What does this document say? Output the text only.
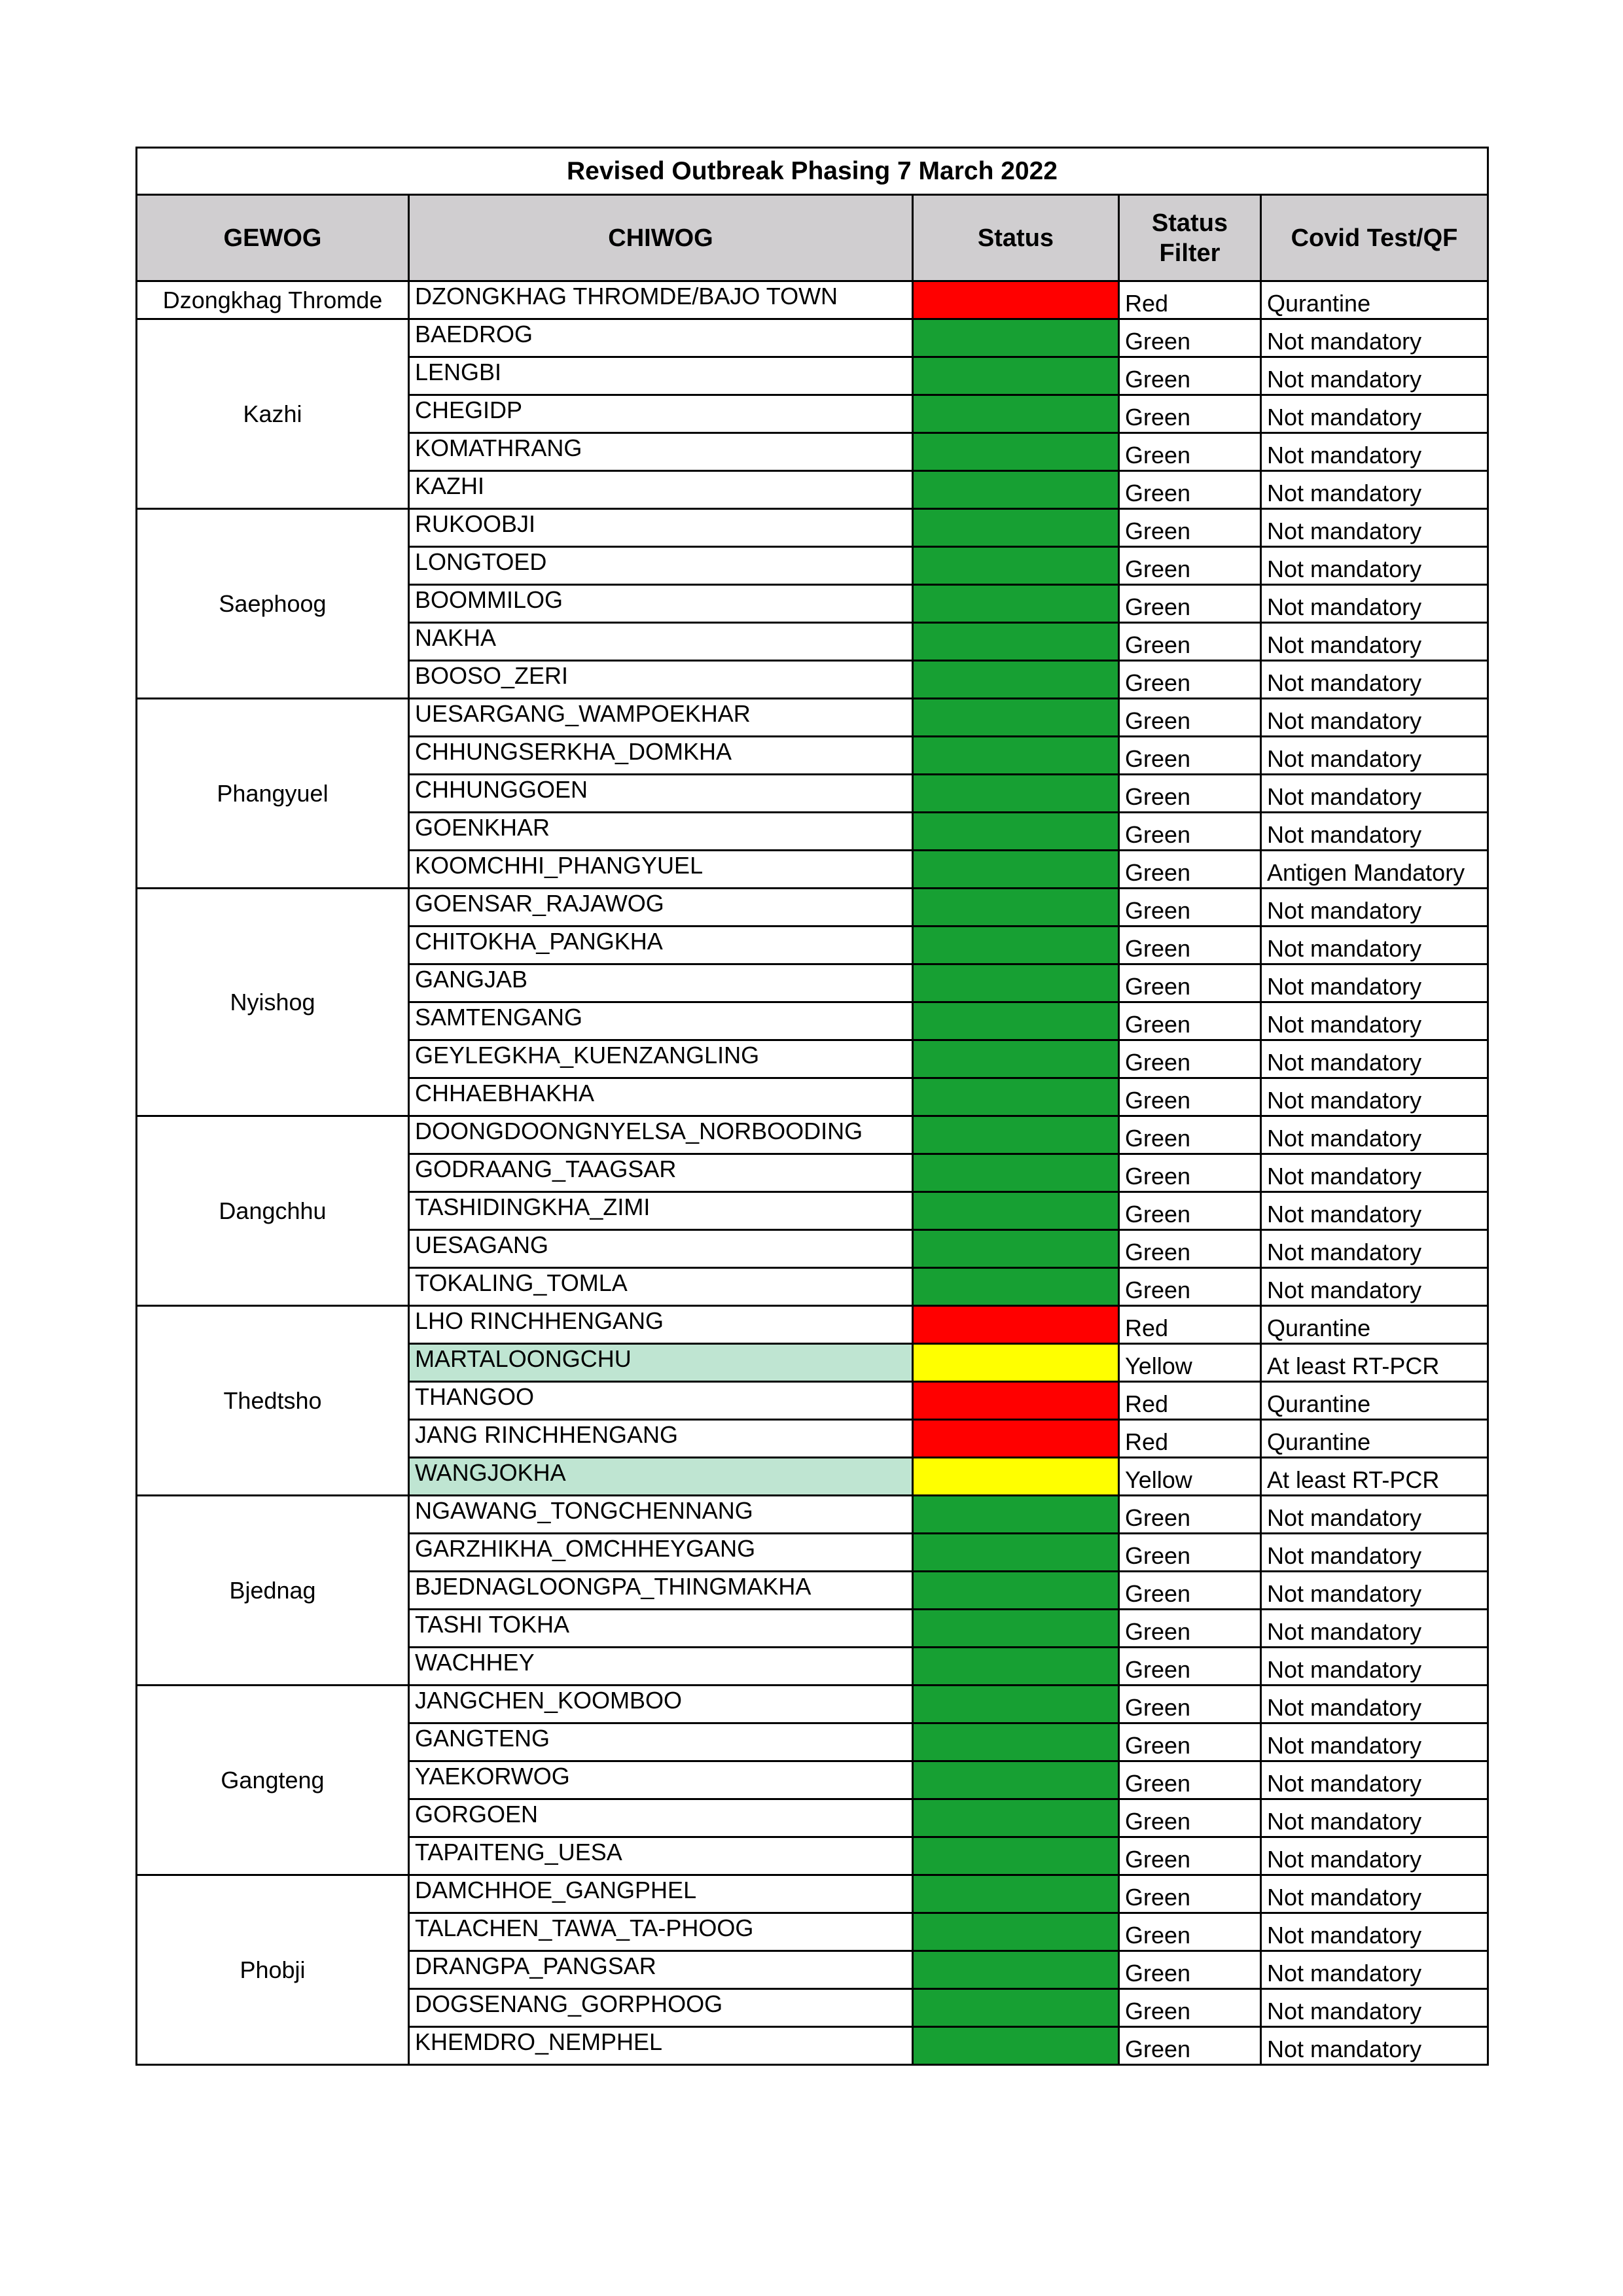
Revised Outbreak Phasing 7 March 2022				
GEWOG	CHIWOG	Status	Status Filter	Covid Test/QF
Dzongkhag Thromde	DZONGKHAG THROMDE/BAJO TOWN		Red	Qurantine
Kazhi	BAEDROG		Green	Not mandatory
	LENGBI		Green	Not mandatory
	CHEGIDP		Green	Not mandatory
	KOMATHRANG		Green	Not mandatory
	KAZHI		Green	Not mandatory
Saephoog	RUKOOBJI		Green	Not mandatory
	LONGTOED		Green	Not mandatory
	BOOMMILOG		Green	Not mandatory
	NAKHA		Green	Not mandatory
	BOOSO_ZERI		Green	Not mandatory
Phangyuel	UESARGANG_WAMPOEKHAR		Green	Not mandatory
	CHHUNGSERKHA_DOMKHA		Green	Not mandatory
	CHHUNGGOEN		Green	Not mandatory
	GOENKHAR		Green	Not mandatory
	KOOMCHHI_PHANGYUEL		Green	Antigen Mandatory
Nyishog	GOENSAR_RAJAWOG		Green	Not mandatory
	CHITOKHA_PANGKHA		Green	Not mandatory
	GANGJAB		Green	Not mandatory
	SAMTENGANG		Green	Not mandatory
	GEYLEGKHA_KUENZANGLING		Green	Not mandatory
	CHHAEBHAKHA		Green	Not mandatory
Dangchhu	DOONGDOONGNYELSA_NORBOODING		Green	Not mandatory
	GODRAANG_TAAGSAR		Green	Not mandatory
	TASHIDINGKHA_ZIMI		Green	Not mandatory
	UESAGANG		Green	Not mandatory
	TOKALING_TOMLA		Green	Not mandatory
Thedtsho	LHO RINCHHENGANG		Red	Qurantine
	MARTALOONGCHU		Yellow	At least RT-PCR
	THANGOO		Red	Qurantine
	JANG RINCHHENGANG		Red	Qurantine
	WANGJOKHA		Yellow	At least RT-PCR
Bjednag	NGAWANG_TONGCHENNANG		Green	Not mandatory
	GARZHIKHA_OMCHHEYGANG		Green	Not mandatory
	BJEDNAGLOONGPA_THINGMAKHA		Green	Not mandatory
	TASHI TOKHA		Green	Not mandatory
	WACHHEY		Green	Not mandatory
Gangteng	JANGCHEN_KOOMBOO		Green	Not mandatory
	GANGTENG		Green	Not mandatory
	YAEKORWOG		Green	Not mandatory
	GORGOEN		Green	Not mandatory
	TAPAITENG_UESA		Green	Not mandatory
Phobji	DAMCHHOE_GANGPHEL		Green	Not mandatory
	TALACHEN_TAWA_TA-PHOOG		Green	Not mandatory
	DRANGPA_PANGSAR		Green	Not mandatory
	DOGSENANG_GORPHOOG		Green	Not mandatory
	KHEMDRO_NEMPHEL		Green	Not mandatory
